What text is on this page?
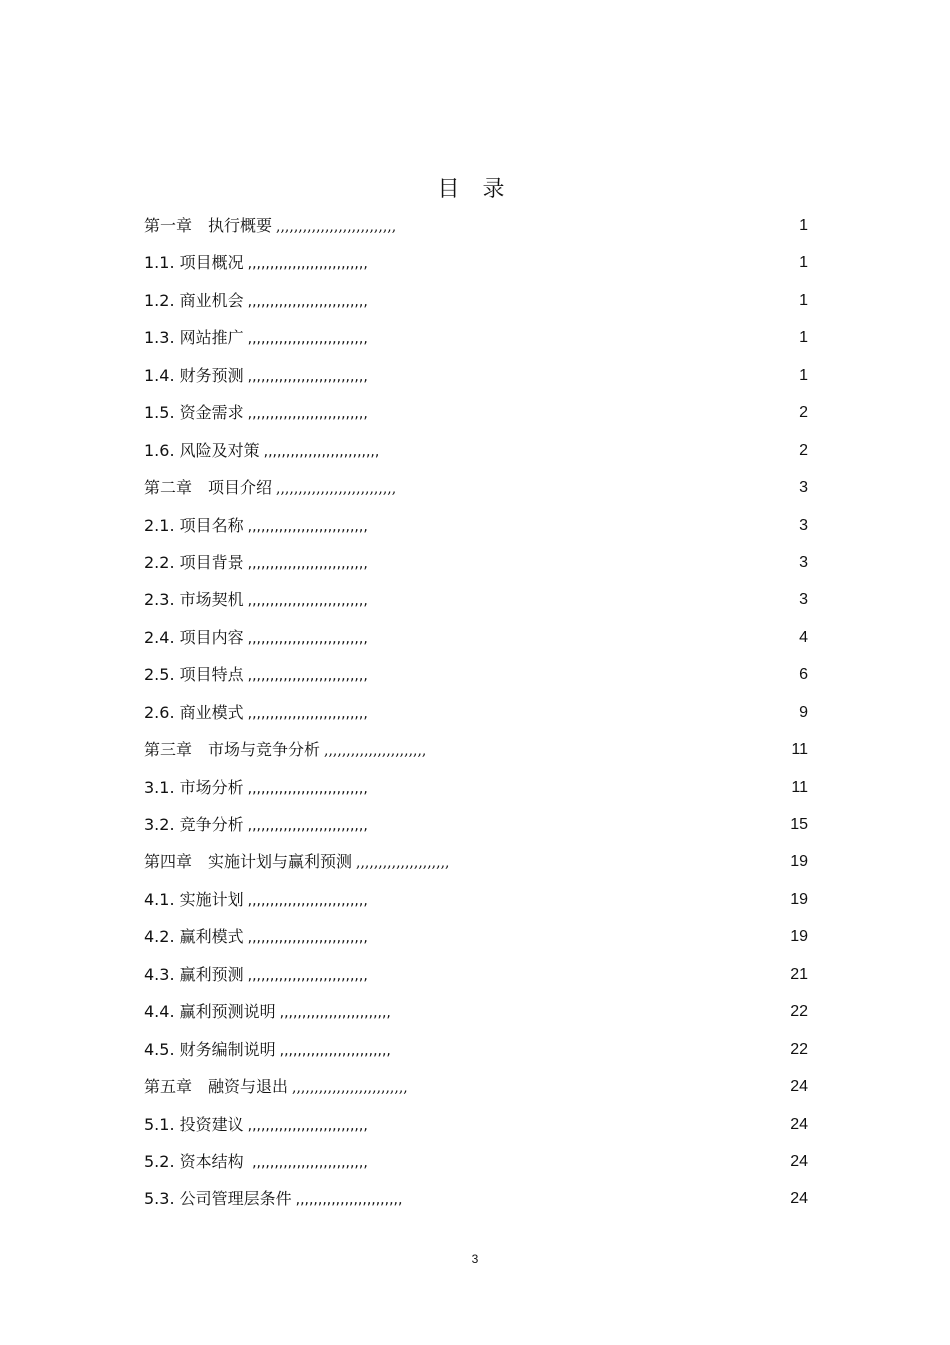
目 录
第一章　执行概要 ,,,,,,,,,,,,,,,,,,,,,,,,,,,	1
1.1. 项目概况 ,,,,,,,,,,,,,,,,,,,,,,,,,,,	1
1.2. 商业机会 ,,,,,,,,,,,,,,,,,,,,,,,,,,,	1
1.3. 网站推广 ,,,,,,,,,,,,,,,,,,,,,,,,,,,	1
1.4. 财务预测 ,,,,,,,,,,,,,,,,,,,,,,,,,,,	1
1.5. 资金需求 ,,,,,,,,,,,,,,,,,,,,,,,,,,,	2
1.6. 风险及对策 ,,,,,,,,,,,,,,,,,,,,,,,,,,	2
第二章　项目介绍 ,,,,,,,,,,,,,,,,,,,,,,,,,,,	3
2.1. 项目名称 ,,,,,,,,,,,,,,,,,,,,,,,,,,,	3
2.2. 项目背景 ,,,,,,,,,,,,,,,,,,,,,,,,,,,	3
2.3. 市场契机 ,,,,,,,,,,,,,,,,,,,,,,,,,,,	3
2.4. 项目内容 ,,,,,,,,,,,,,,,,,,,,,,,,,,,	4
2.5. 项目特点 ,,,,,,,,,,,,,,,,,,,,,,,,,,,	6
2.6. 商业模式 ,,,,,,,,,,,,,,,,,,,,,,,,,,,	9
第三章　市场与竞争分析 ,,,,,,,,,,,,,,,,,,,,,,,	11
3.1. 市场分析 ,,,,,,,,,,,,,,,,,,,,,,,,,,,	11
3.2. 竞争分析 ,,,,,,,,,,,,,,,,,,,,,,,,,,,	15
第四章　实施计划与赢利预测 ,,,,,,,,,,,,,,,,,,,,,	19
4.1. 实施计划 ,,,,,,,,,,,,,,,,,,,,,,,,,,,	19
4.2. 赢利模式 ,,,,,,,,,,,,,,,,,,,,,,,,,,,	19
4.3. 赢利预测 ,,,,,,,,,,,,,,,,,,,,,,,,,,,	21
4.4. 赢利预测说明 ,,,,,,,,,,,,,,,,,,,,,,,,,	22
4.5. 财务编制说明 ,,,,,,,,,,,,,,,,,,,,,,,,,	22
第五章　融资与退出 ,,,,,,,,,,,,,,,,,,,,,,,,,,	24
5.1. 投资建议 ,,,,,,,,,,,,,,,,,,,,,,,,,,,	24
5.2. 资本结构 ,,,,,,,,,,,,,,,,,,,,,,,,,,	24
5.3. 公司管理层条件 ,,,,,,,,,,,,,,,,,,,,,,,,	24
3
